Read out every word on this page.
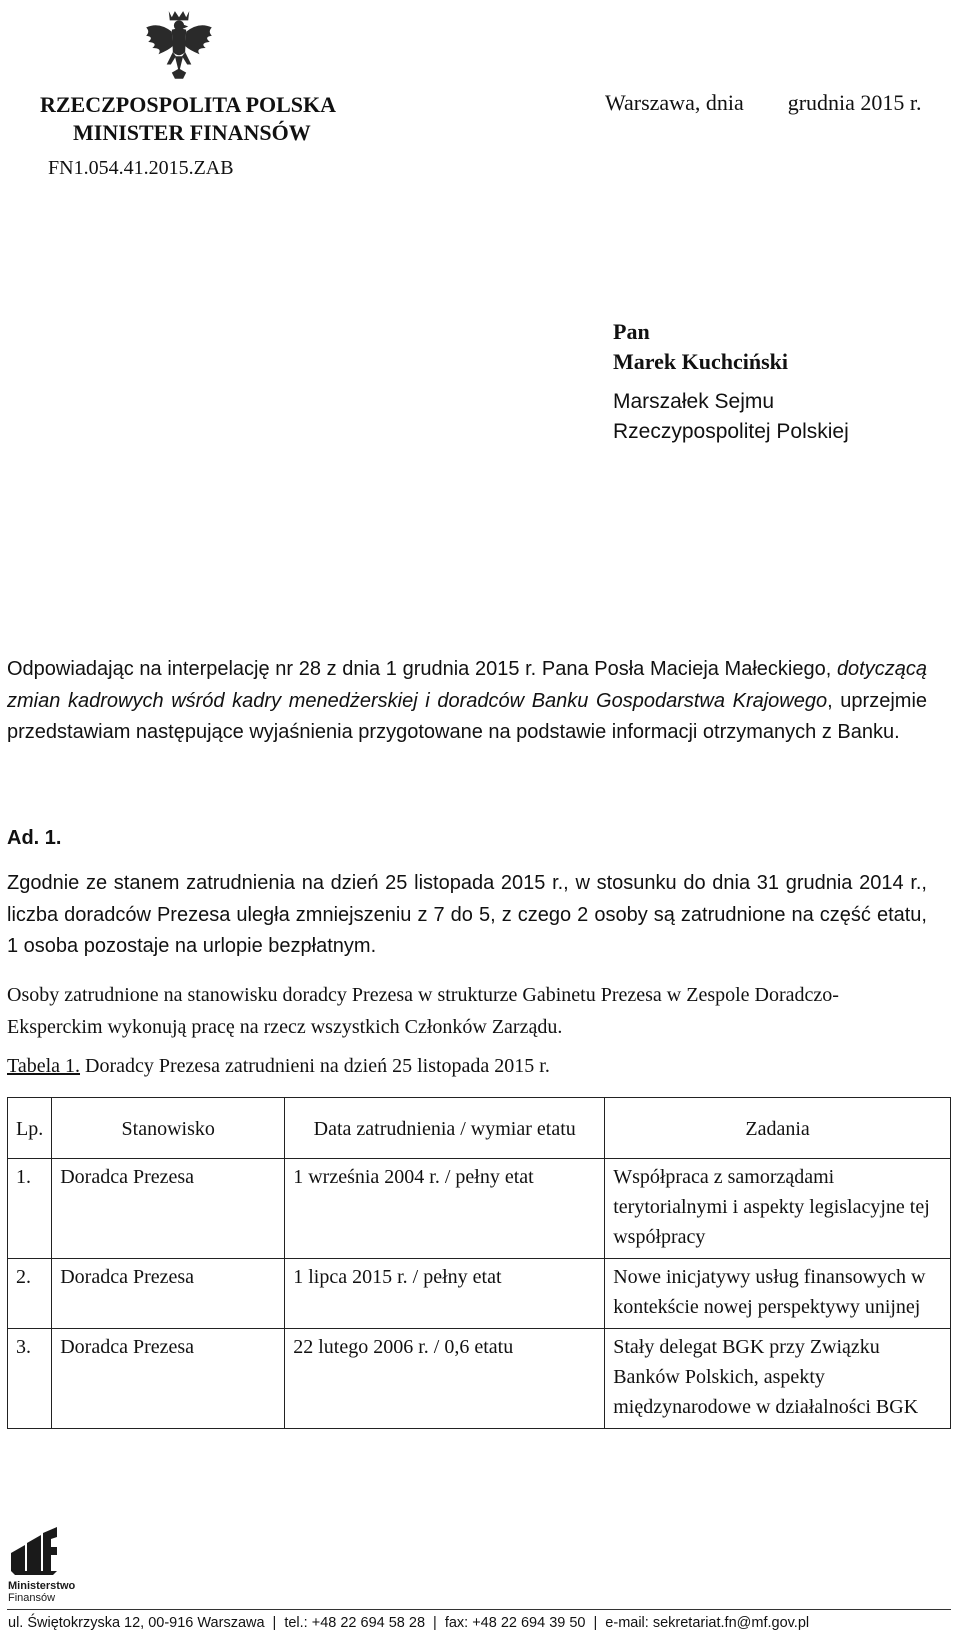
RZECZPOSPOLITA POLSKA
MINISTER FINANSÓW
FN1.054.41.2015.ZAB
Warszawa, dnia grudnia 2015 r.
Pan
Marek Kuchciński
Marszałek Sejmu
Rzeczypospolitej Polskiej
Odpowiadając na interpelację nr 28 z dnia 1 grudnia 2015 r. Pana Posła Macieja Małeckiego, dotyczącą zmian kadrowych wśród kadry menedżerskiej i doradców Banku Gospodarstwa Krajowego, uprzejmie przedstawiam następujące wyjaśnienia przygotowane na podstawie informacji otrzymanych z Banku.
Ad. 1.
Zgodnie ze stanem zatrudnienia na dzień 25 listopada 2015 r., w stosunku do dnia 31 grudnia 2014 r., liczba doradców Prezesa uległa zmniejszeniu z 7 do 5, z czego 2 osoby są zatrudnione na część etatu, 1 osoba pozostaje na urlopie bezpłatnym.
Osoby zatrudnione na stanowisku doradcy Prezesa w strukturze Gabinetu Prezesa w Zespole Doradczo-Eksperckim wykonują pracę na rzecz wszystkich Członków Zarządu.
Tabela 1. Doradcy Prezesa zatrudnieni na dzień 25 listopada 2015 r.
Lp.	Stanowisko	Data zatrudnienia / wymiar etatu	Zadania
1.	Doradca Prezesa	1 września 2004 r. / pełny etat	Współpraca z samorządami terytorialnymi i aspekty legislacyjne tej współpracy
2.	Doradca Prezesa	1 lipca 2015 r. / pełny etat	Nowe inicjatywy usług finansowych w kontekście nowej perspektywy unijnej
3.	Doradca Prezesa	22 lutego 2006 r. / 0,6 etatu	Stały delegat BGK przy Związku Banków Polskich, aspekty międzynarodowe w działalności BGK
Ministerstwo
Finansów
ul. Świętokrzyska 12, 00-916 Warszawa | tel.: +48 22 694 58 28 | fax: +48 22 694 39 50 | e-mail: sekretariat.fn@mf.gov.pl
